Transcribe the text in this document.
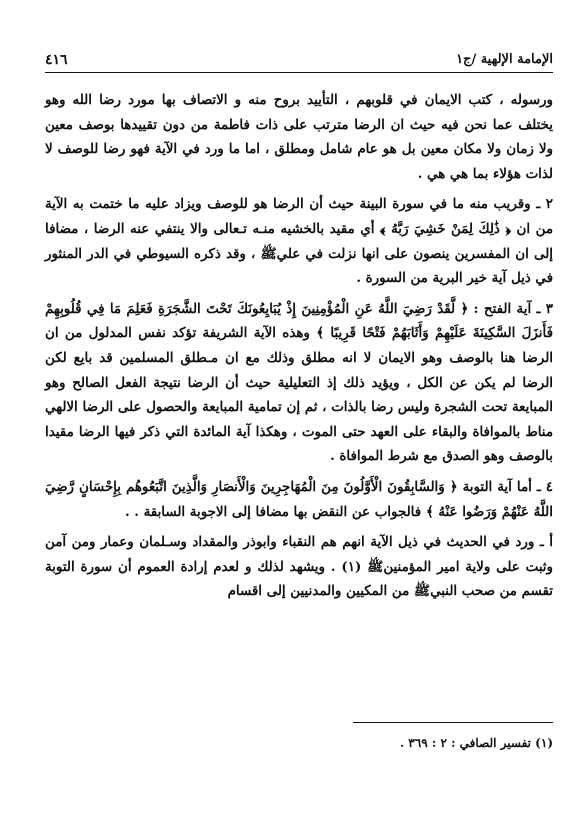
الإمامة الإلهية /ج١
٤١٦

ورسوله ، كتب الايمان في قلوبهم ، التأييد بروح منه و الاتصاف بها مورد رضا الله وهو يختلف عما نحن فيه حيث ان الرضا مترتب على ذات فاطمة من دون تقييدها بوصف معين ولا زمان ولا مكان معين بل هو عام شامل ومطلق ، اما ما ورد في الآية فهو رضا للوصف لا لذات هؤلاء بما هي هي .

٢ ـ وقريب منه ما في سورة البينة حيث أن الرضا هو للوصف ويزاد عليه ما ختمت به الآية من ان ﴿ ذَٰلِكَ لِمَنْ خَشِيَ رَبَّهُ ﴾ أي مقيد بالخشيه منـه تـعالى والا ينتفي عنه الرضا ، مضافا إلى ان المفسرين ينصون على انها نزلت في عليﷺ ، وقد ذكره السيوطي في الدر المنثور في ذيل آية خير البرية من السورة .

٣ ـ آية الفتح : ﴿ لَّقَدْ رَضِيَ اللَّهُ عَنِ الْمُؤْمِنِينَ إِذْ يُبَايِعُونَكَ تَحْتَ الشَّجَرَةِ فَعَلِمَ مَا فِي قُلُوبِهِمْ فَأَنزَلَ السَّكِينَةَ عَلَيْهِمْ وَأَثَابَهُمْ فَتْحًا قَرِيبًا ﴾ وهذه الآية الشريفة تؤكد نفس المدلول من ان الرضا هنا بالوصف وهو الايمان لا انه مطلق وذلك مع ان مـطلق المسلمين قد بايع لكن الرضا لم يكن عن الكل ، ويؤيد ذلك إذ التعليلية حيث أن الرضا نتيجة الفعل الصالح وهو المبايعة تحت الشجرة وليس رضا بالذات ، ثم إن تمامية المبايعة والحصول على الرضا الالهي مناط بالموافاة والبقاء على العهد حتى الموت ، وهكذا آية المائدة التي ذكر فيها الرضا مقيدا بالوصف وهو الصدق مع شرط الموافاة .

٤ ـ أما آية التوبة ﴿ وَالسَّابِقُونَ الْأَوَّلُونَ مِنَ الْمُهَاجِرِينَ وَالْأَنصَارِ وَالَّذِينَ اتَّبَعُوهُم بِإِحْسَانٍ رَّضِيَ اللَّهُ عَنْهُمْ وَرَضُوا عَنْهُ ﴾ فالجواب عن النقض بها مضافا إلى الاجوبة السابقة . .

أ ـ ورد في الحديث في ذيل الآية انهم هم النقباء وابوذر والمقداد وسـلمان وعمار ومن آمن وثبت على ولاية امير المؤمنينﷺ (١) . ويشهد لذلك و لعدم إرادة العموم أن سورة التوبة تقسم من صحب النبيﷺ من المكيين والمدنيين إلى اقسام

(١) تفسير الصافي : ٢ : ٣٦٩ .
